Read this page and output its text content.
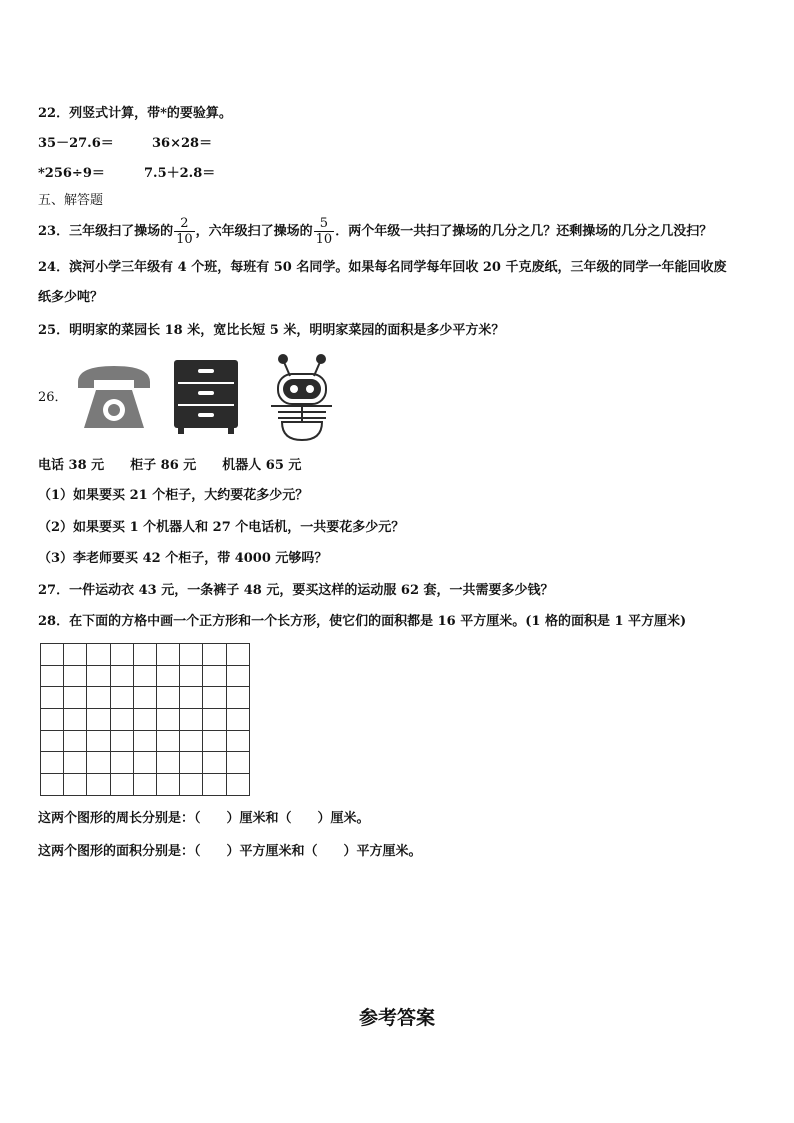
22．列竖式计算，带*的要验算。
35－27.6＝	36×28＝
*256÷9＝	7.5＋2.8＝
五、解答题
23．三年级扫了操场的 $\frac{2}{10}$ ，六年级扫了操场的 $\frac{5}{10}$ ．两个年级一共扫了操场的几分之几？还剩操场的几分之几没扫？
24．滨河小学三年级有 4 个班，每班有 50 名同学。如果每名同学每年回收 20 千克废纸，三年级的同学一年能回收废
纸多少吨？
25．明明家的菜园长 18 米，宽比长短 5 米，明明家菜园的面积是多少平方米？
26．
电话 38 元　　柜子 86 元　　机器人 65 元
（1）如果要买 21 个柜子，大约要花多少元？
（2）如果要买 1 个机器人和 27 个电话机，一共要花多少元？
（3）李老师要买 42 个柜子，带 4000 元够吗？
27．一件运动衣 43 元，一条裤子 48 元，要买这样的运动服 62 套，一共需要多少钱？
28．在下面的方格中画一个正方形和一个长方形，使它们的面积都是 16 平方厘米。(1 格的面积是 1 平方厘米)

这两个图形的周长分别是：（　　）厘米和（　　）厘米。
这两个图形的面积分别是：（　　）平方厘米和（　　）平方厘米。
参考答案
